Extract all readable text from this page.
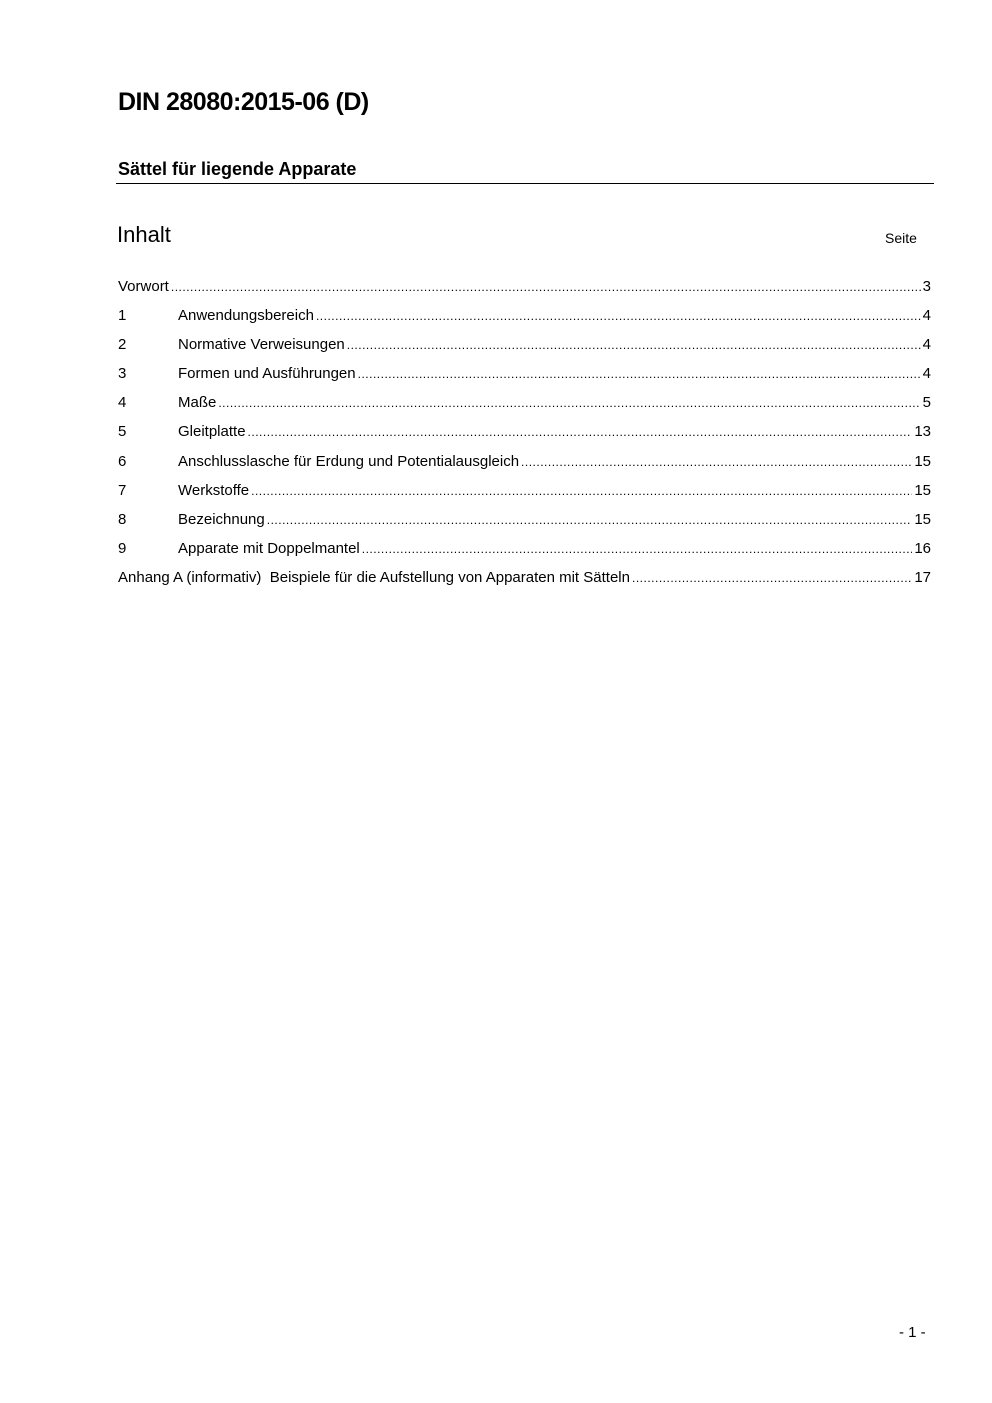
DIN 28080:2015-06 (D)
Sättel für liegende Apparate
Inhalt	Seite
Vorwort .....	3
1	Anwendungsbereich .....	4
2	Normative Verweisungen .....	4
3	Formen und Ausführungen .....	4
4	Maße .....	5
5	Gleitplatte .....	13
6	Anschlusslasche für Erdung und Potentialausgleich .....	15
7	Werkstoffe .....	15
8	Bezeichnung .....	15
9	Apparate mit Doppelmantel .....	16
Anhang A (informativ)  Beispiele für die Aufstellung von Apparaten mit Sätteln .....	17
- 1 -
